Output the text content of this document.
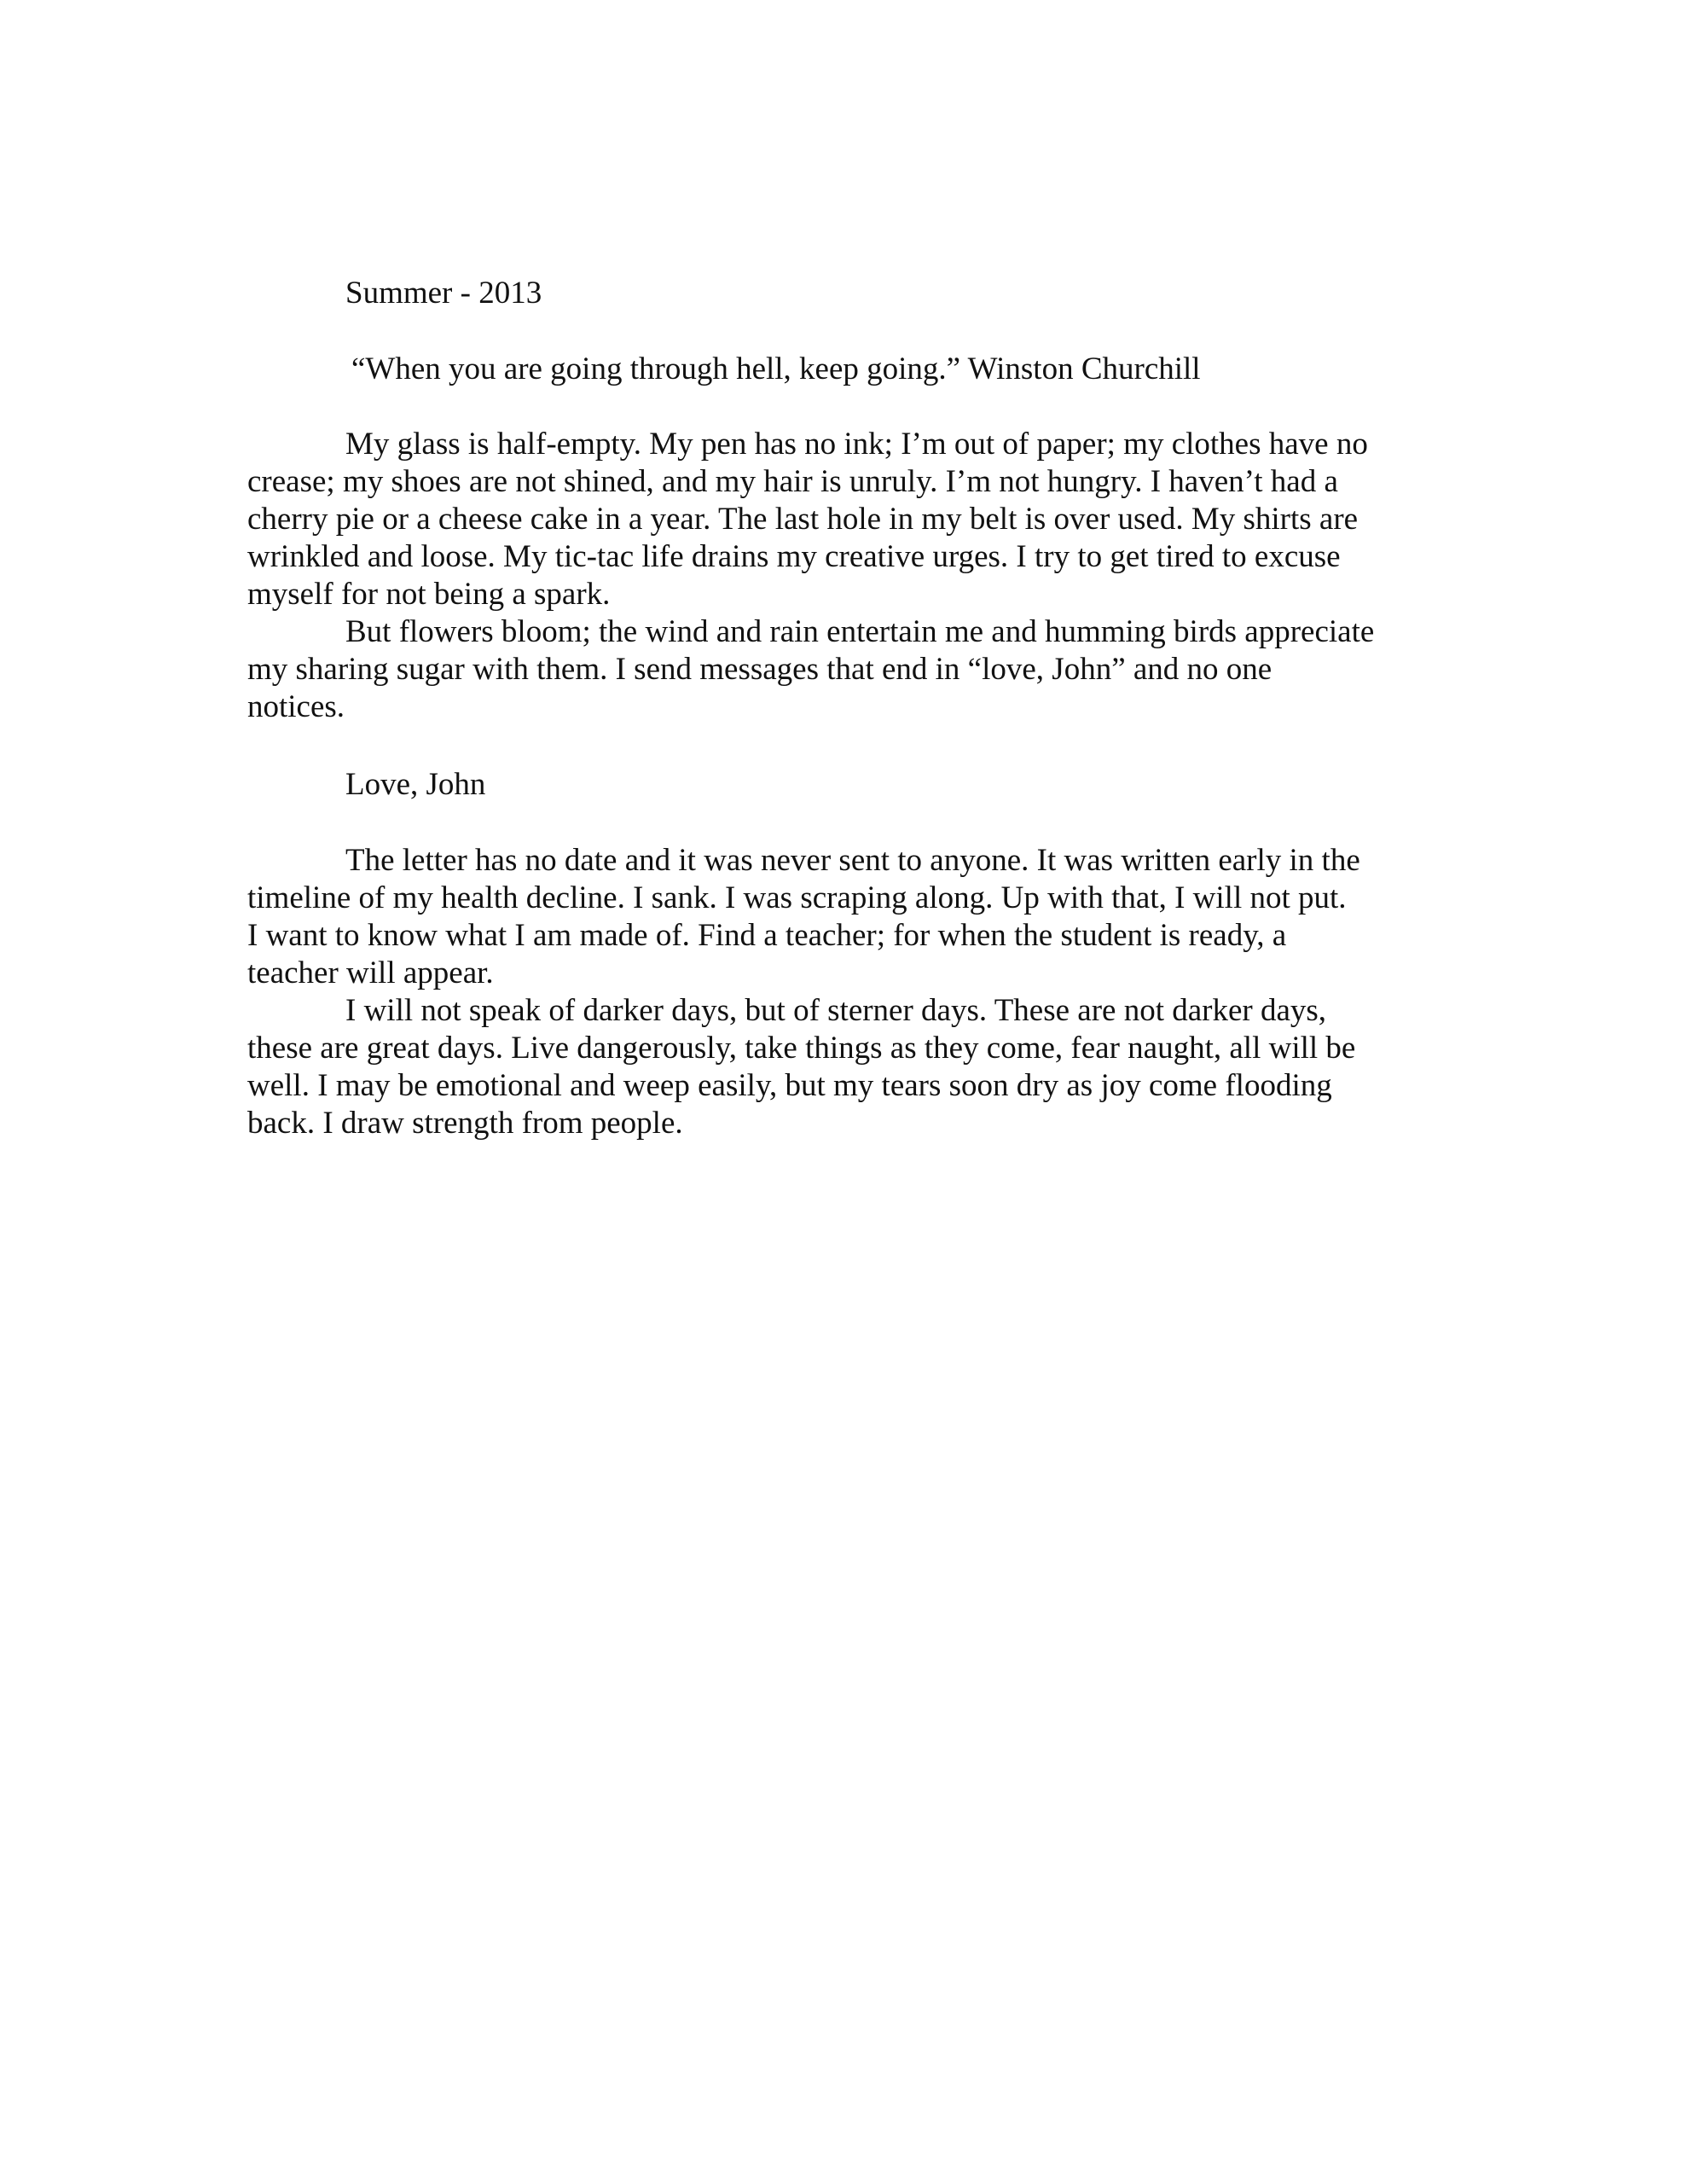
Summer - 2013
“When you are going through hell, keep going.” Winston Churchill

My glass is half-empty. My pen has no ink; I’m out of paper; my clothes have no
crease; my shoes are not shined, and my hair is unruly. I’m not hungry. I haven’t had a
cherry pie or a cheese cake in a year. The last hole in my belt is over used. My shirts are
wrinkled and loose. My tic-tac life drains my creative urges. I try to get tired to excuse
myself for not being a spark.

But flowers bloom; the wind and rain entertain me and humming birds appreciate
my sharing sugar with them. I send messages that end in “love, John” and no one
notices.

Love, John

The letter has no date and it was never sent to anyone. It was written early in the
timeline of my health decline. I sank. I was scraping along. Up with that, I will not put.
I want to know what I am made of. Find a teacher; for when the student is ready, a
teacher will appear.

I will not speak of darker days, but of sterner days. These are not darker days,
these are great days. Live dangerously, take things as they come, fear naught, all will be
well. I may be emotional and weep easily, but my tears soon dry as joy come flooding
back. I draw strength from people.
